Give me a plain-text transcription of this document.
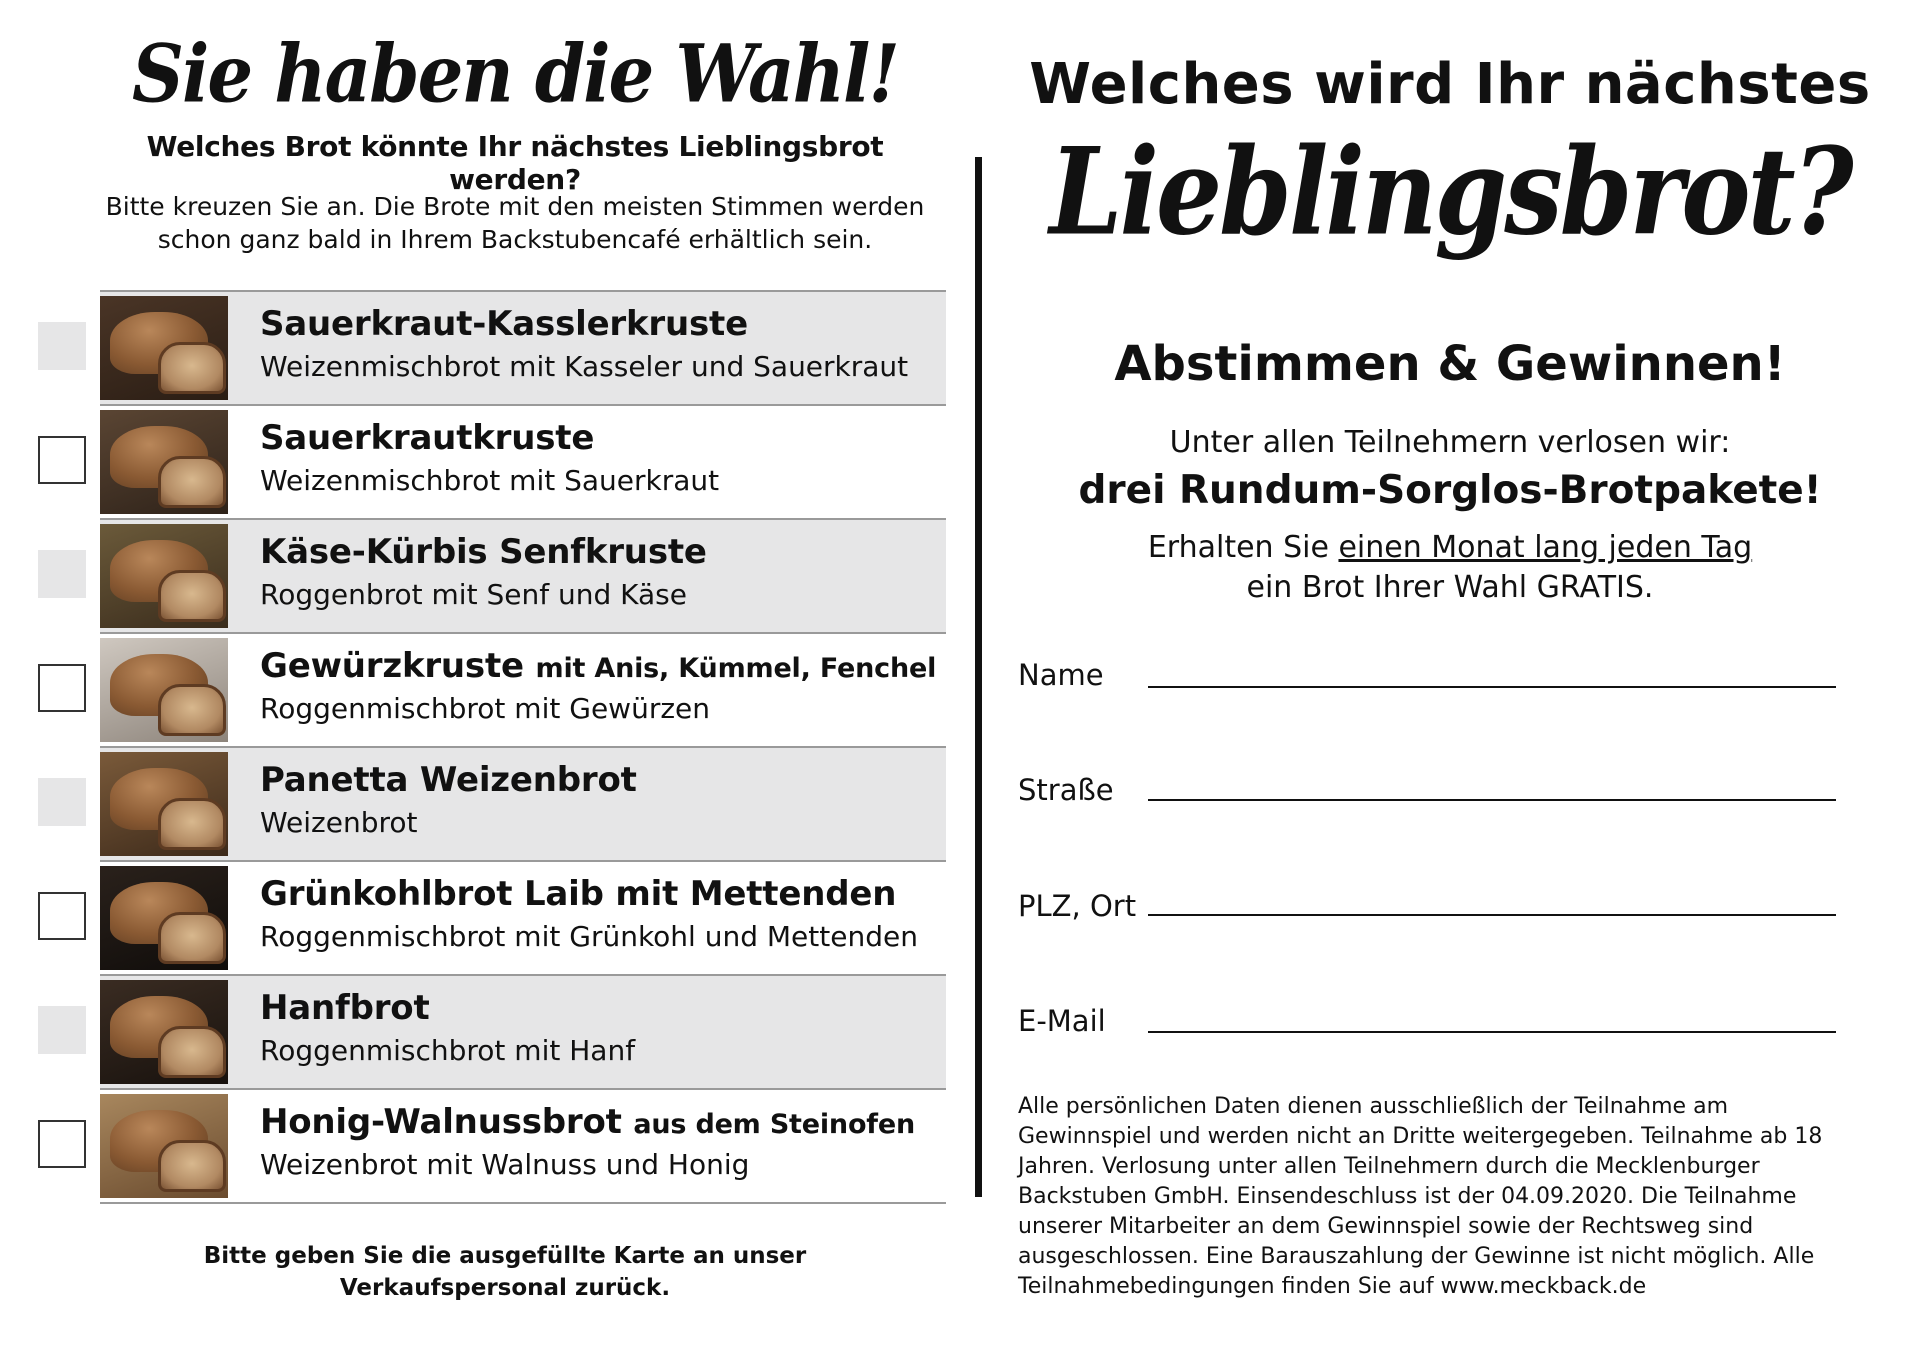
Sie haben die Wahl!
Welches Brot könnte Ihr nächstes Lieblingsbrot werden?
Bitte kreuzen Sie an. Die Brote mit den meisten Stimmen werden
schon ganz bald in Ihrem Backstubencafé erhältlich sein.
Sauerkraut-Kasslerkruste
Weizenmischbrot mit Kasseler und Sauerkraut
Sauerkrautkruste
Weizenmischbrot mit Sauerkraut
Käse-Kürbis Senfkruste
Roggenbrot mit Senf und Käse
Gewürzkruste mit Anis, Kümmel, Fenchel
Roggenmischbrot mit Gewürzen
Panetta Weizenbrot
Weizenbrot
Grünkohlbrot Laib mit Mettenden
Roggenmischbrot mit Grünkohl und Mettenden
Hanfbrot
Roggenmischbrot mit Hanf
Honig-Walnussbrot aus dem Steinofen
Weizenbrot mit Walnuss und Honig
Bitte geben Sie die ausgefüllte Karte an unser
Verkaufspersonal zurück.
Welches wird Ihr nächstes
Lieblingsbrot?
Abstimmen & Gewinnen!
Unter allen Teilnehmern verlosen wir:
drei Rundum-Sorglos-Brotpakete!
Erhalten Sie einen Monat lang jeden Tag
ein Brot Ihrer Wahl GRATIS.
Name
Straße
PLZ, Ort
E-Mail
Alle persönlichen Daten dienen ausschließlich der Teilnahme am Gewinnspiel und werden nicht an Dritte weitergegeben. Teilnahme ab 18 Jahren. Verlosung unter allen Teilnehmern durch die Mecklenburger Backstuben GmbH. Einsendeschluss ist der 04.09.2020. Die Teilnahme unserer Mitarbeiter an dem Gewinnspiel sowie der Rechtsweg sind ausgeschlossen. Eine Barauszahlung der Gewinne ist nicht möglich. Alle Teilnahmebedingungen finden Sie auf www.meckback.de
